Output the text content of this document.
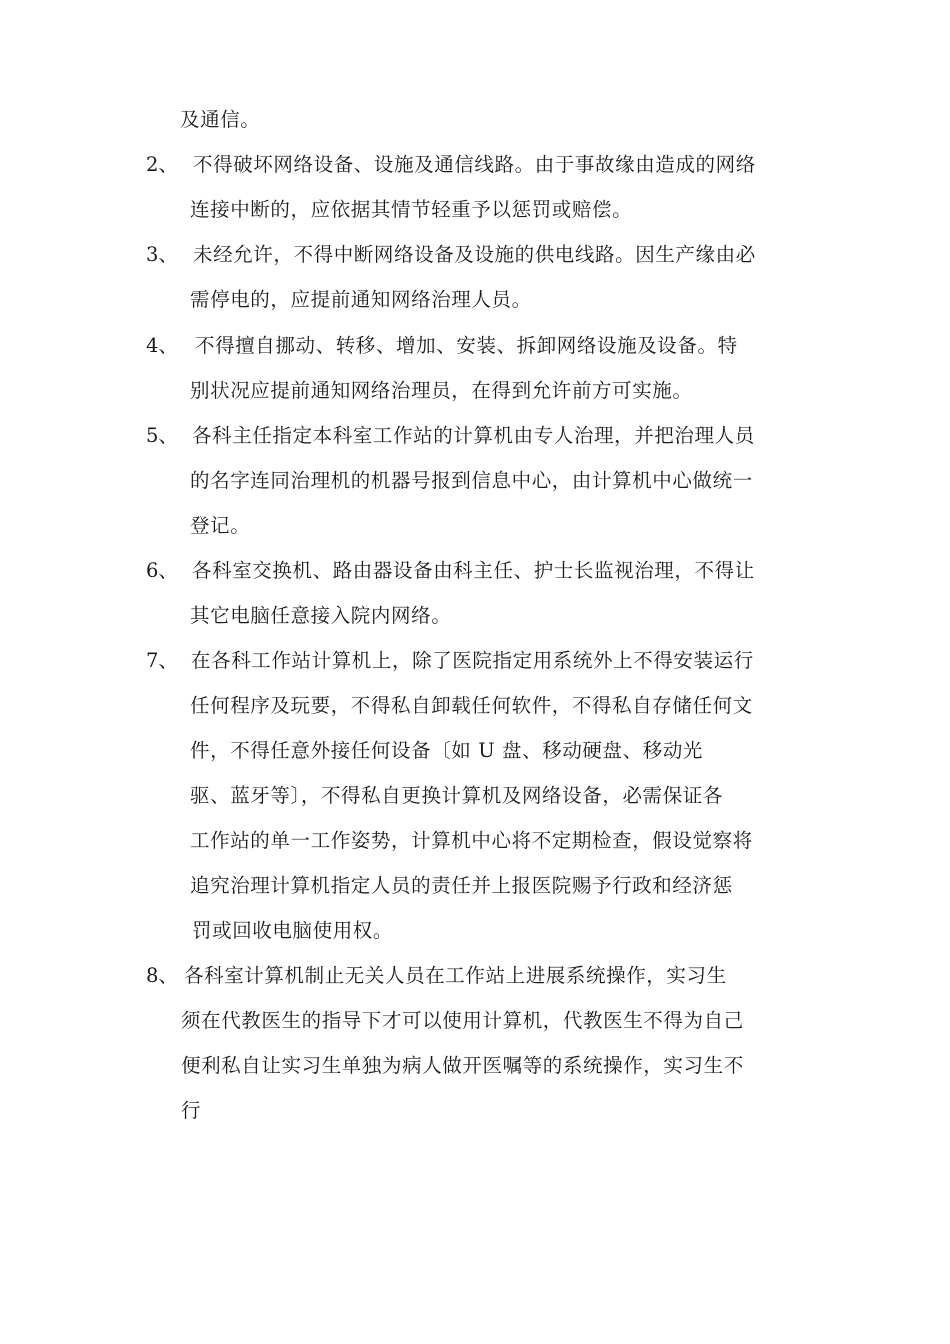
及通信。
2、 不得破坏网络设备、设施及通信线路。由于事故缘由造成的网络
连接中断的，应依据其情节轻重予以惩罚或赔偿。
3、 未经允许，不得中断网络设备及设施的供电线路。因生产缘由必
需停电的，应提前通知网络治理人员。
4、 不得擅自挪动、转移、增加、安装、拆卸网络设施及设备。特
别状况应提前通知网络治理员，在得到允许前方可实施。
5、 各科主任指定本科室工作站的计算机由专人治理，并把治理人员
的名字连同治理机的机器号报到信息中心，由计算机中心做统一
登记。
6、 各科室交换机、路由器设备由科主任、护士长监视治理，不得让
其它电脑任意接入院内网络。
7、 在各科工作站计算机上，除了医院指定用系统外上不得安装运行
任何程序及玩要，不得私自卸载任何软件，不得私自存储任何文
件，不得任意外接任何设备〔如 U 盘、移动硬盘、移动光
驱、蓝牙等〕，不得私自更换计算机及网络设备，必需保证各
工作站的单一工作姿势，计算机中心将不定期检查，假设觉察将
追究治理计算机指定人员的责任并上报医院赐予行政和经济惩
罚或回收电脑使用权。
8、 各科室计算机制止无关人员在工作站上进展系统操作，实习生
须在代教医生的指导下才可以使用计算机，代教医生不得为自己
便利私自让实习生单独为病人做开医嘱等的系统操作，实习生不
行
